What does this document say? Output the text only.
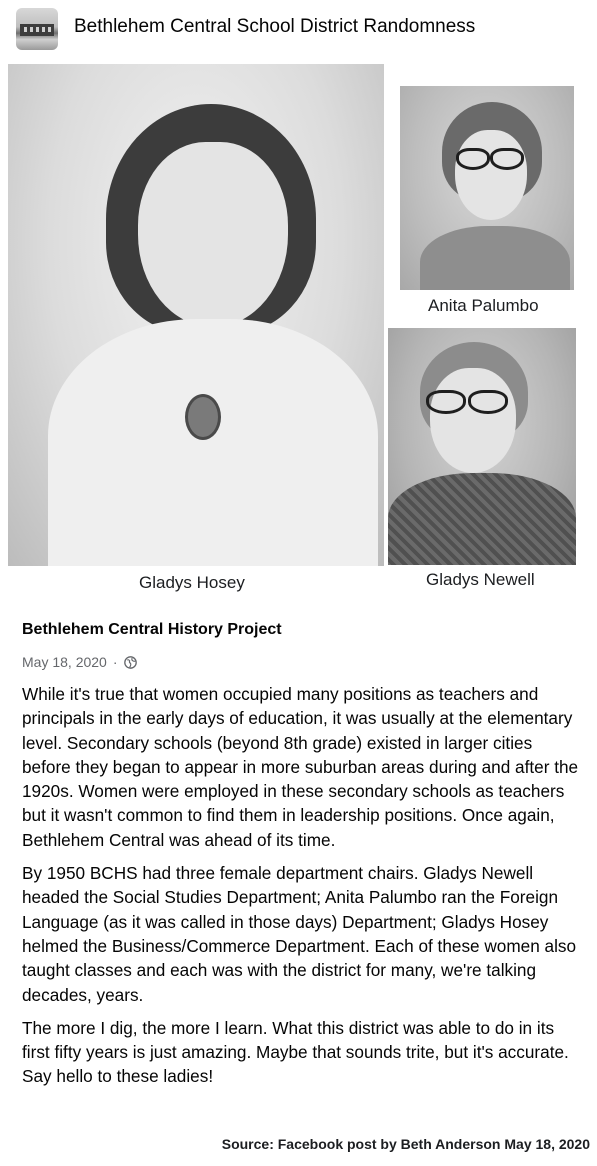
Bethlehem Central School District Randomness
Gladys Hosey
Anita Palumbo
Gladys Newell
Bethlehem Central History Project
May 18, 2020 ·

While it's true that women occupied many positions as teachers and principals in the early days of education, it was usually at the elementary level. Secondary schools (beyond 8th grade) existed in larger cities before they began to appear in more suburban areas during and after the 1920s. Women were employed in these secondary schools as teachers but it wasn't common to find them in leadership positions. Once again, Bethlehem Central was ahead of its time.

By 1950 BCHS had three female department chairs. Gladys Newell headed the Social Studies Department; Anita Palumbo ran the Foreign Language (as it was called in those days) Department; Gladys Hosey helmed the Business/Commerce Department. Each of these women also taught classes and each was with the district for many, we're talking decades, years.

The more I dig, the more I learn. What this district was able to do in its first fifty years is just amazing. Maybe that sounds trite, but it's accurate. Say hello to these ladies!

Source: Facebook post by Beth Anderson May 18, 2020
